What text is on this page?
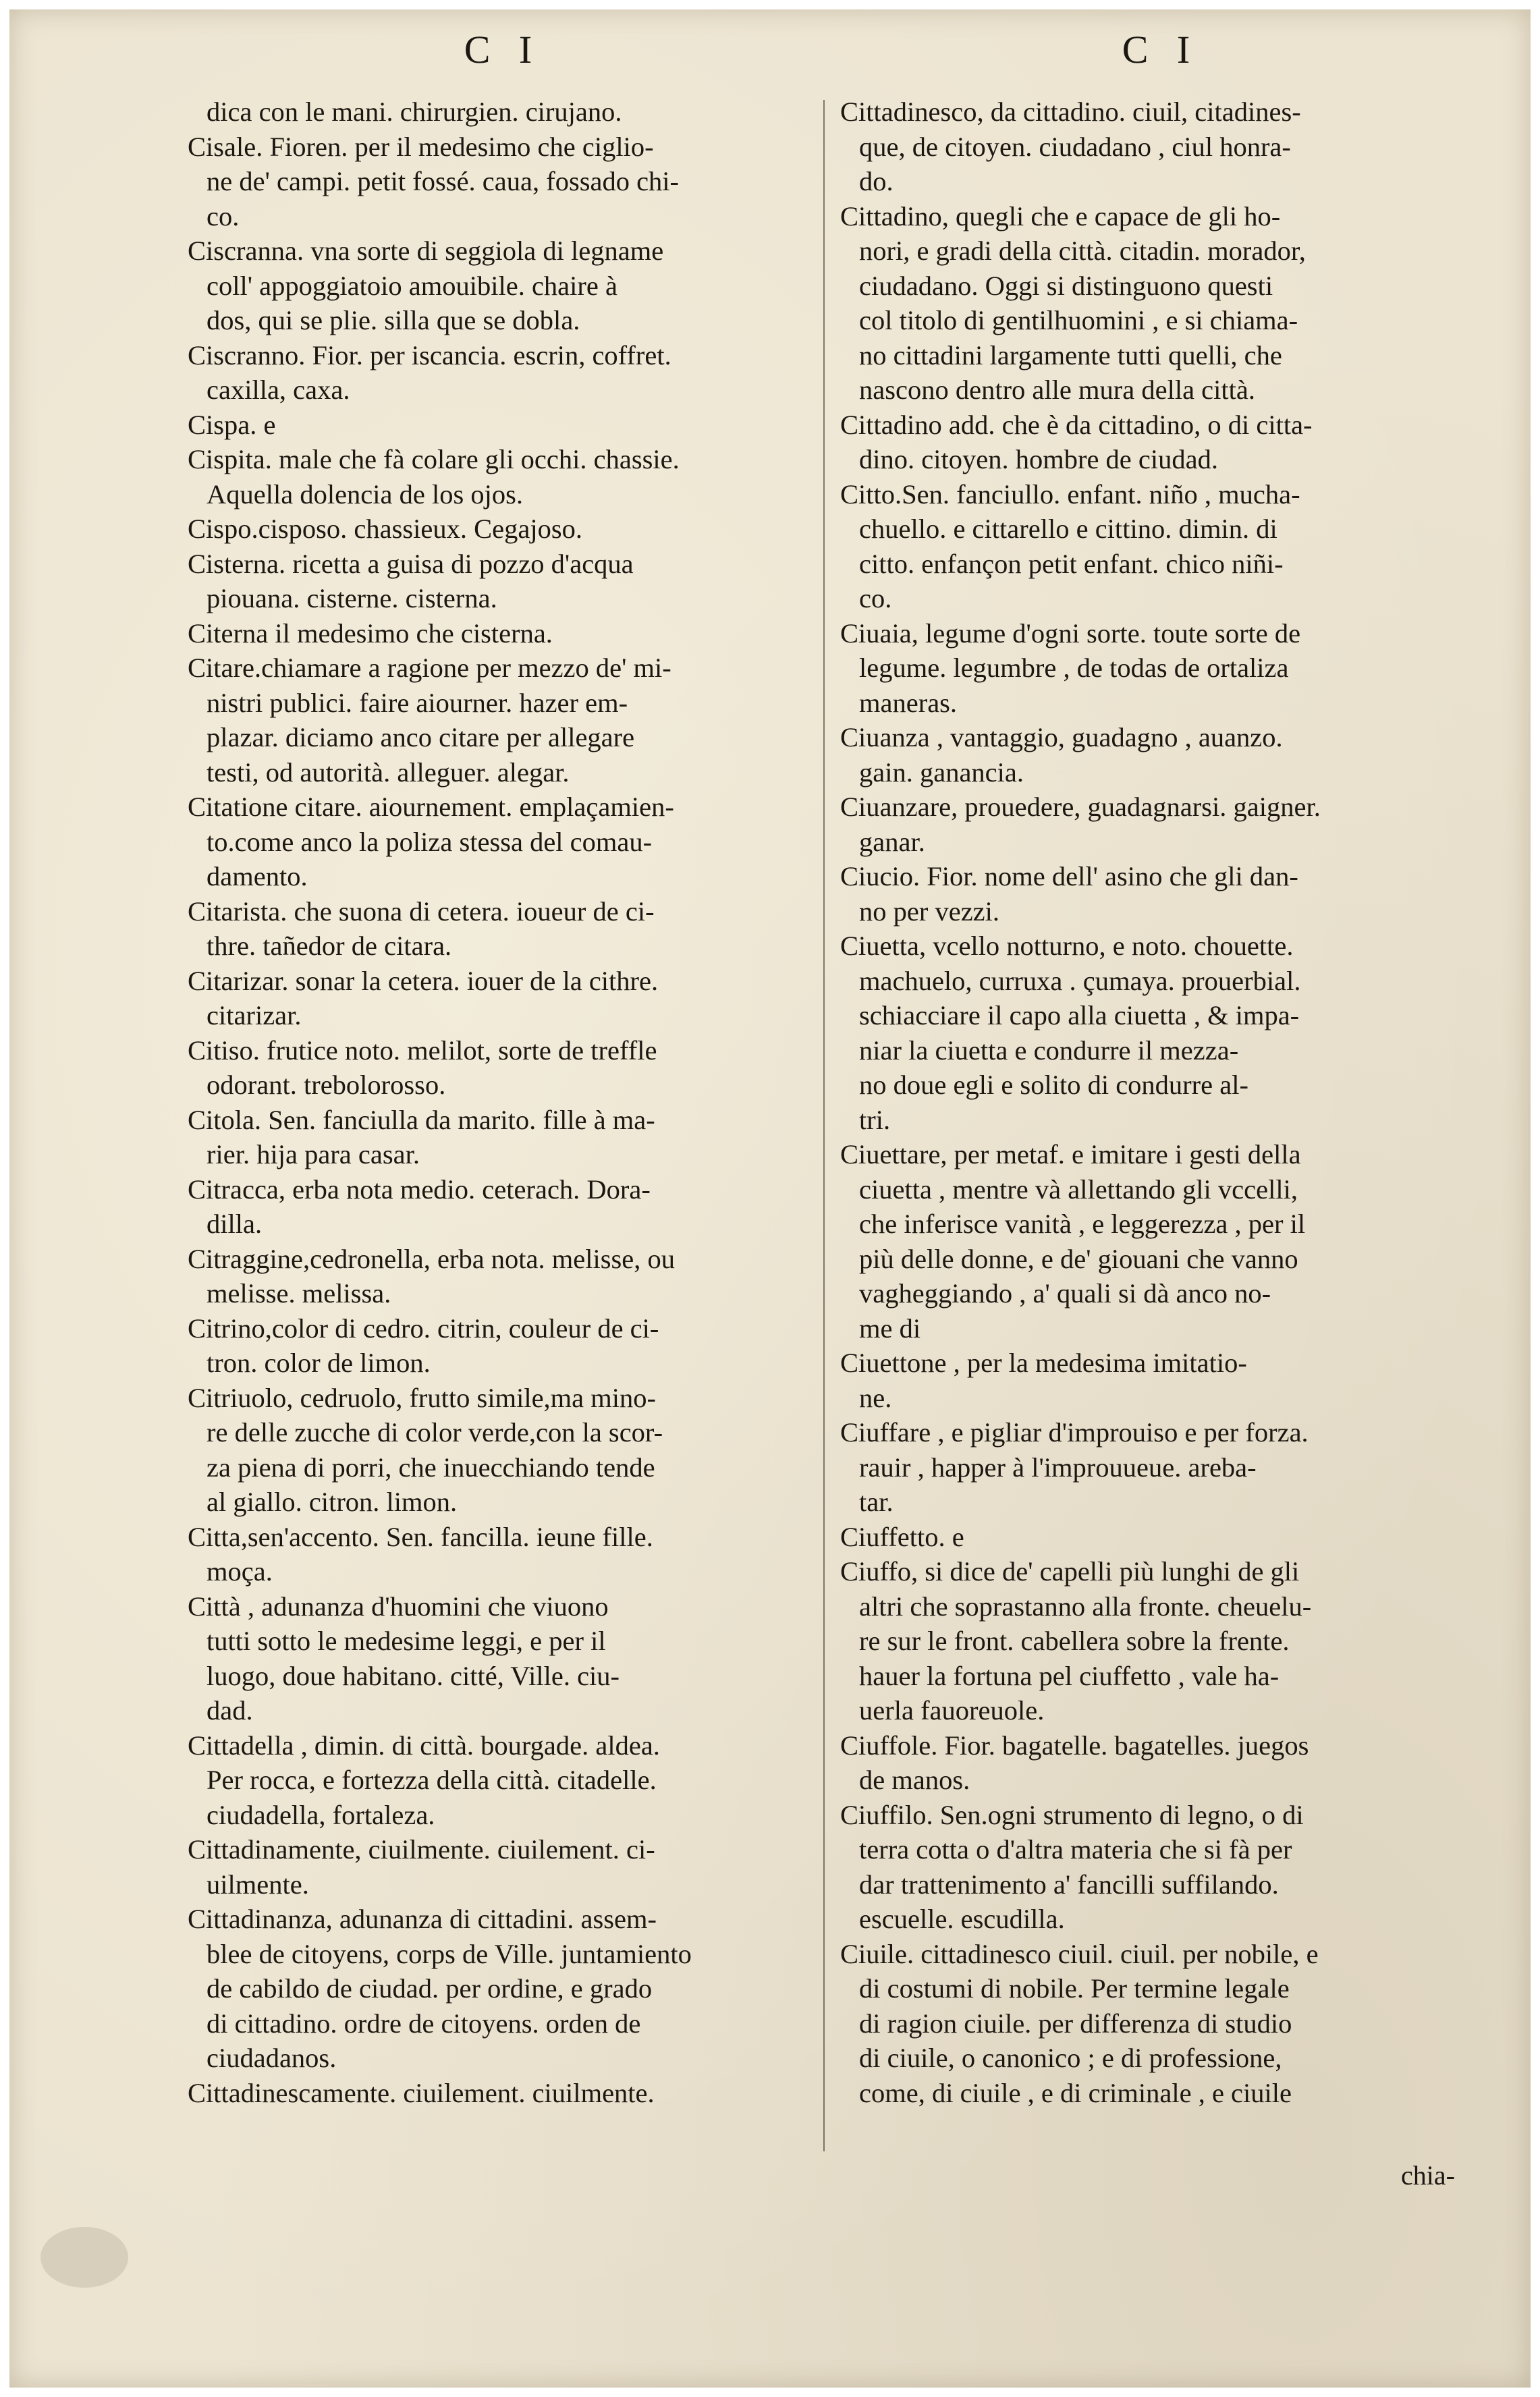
C I	C I
dica con le mani. chirurgien. cirujano.
Cisale. Fioren. per il medesimo che ciglio-
ne de' campi. petit fossé. caua, fossado chi-
co.
Ciscranna. vna sorte di seggiola di legname
coll' appoggiatoio amouibile. chaire à
dos, qui se plie. silla que se dobla.
Ciscranno. Fior. per iscancia. escrin, coffret.
caxilla, caxa.
Cispa. e
Cispita. male che fà colare gli occhi. chassie.
Aquella dolencia de los ojos.
Cispo.cisposo. chassieux. Cegajoso.
Cisterna. ricetta a guisa di pozzo d'acqua
piouana. cisterne. cisterna.
Citerna il medesimo che cisterna.
Citare.chiamare a ragione per mezzo de' mi-
nistri publici. faire aiourner. hazer em-
plazar. diciamo anco citare per allegare
testi, od autorità. alleguer. alegar.
Citatione citare. aiournement. emplaçamien-
to.come anco la poliza stessa del comau-
damento.
Citarista. che suona di cetera. ioueur de ci-
thre. tañedor de citara.
Citarizar. sonar la cetera. iouer de la cithre.
citarizar.
Citiso. frutice noto. melilot, sorte de treffle
odorant. trebolorosso.
Citola. Sen. fanciulla da marito. fille à ma-
rier. hija para casar.
Citracca, erba nota medio. ceterach. Dora-
dilla.
Citraggine,cedronella, erba nota. melisse, ou
melisse. melissa.
Citrino,color di cedro. citrin, couleur de ci-
tron. color de limon.
Citriuolo, cedruolo, frutto simile,ma mino-
re delle zucche di color verde,con la scor-
za piena di porri, che inuecchiando tende
al giallo. citron. limon.
Citta,sen'accento. Sen. fancilla. ieune fille.
moça.
Città , adunanza d'huomini che viuono
tutti sotto le medesime leggi, e per il
luogo, doue habitano. citté, Ville. ciu-
dad.
Cittadella , dimin. di città. bourgade. aldea.
Per rocca, e fortezza della città. citadelle.
ciudadella, fortaleza.
Cittadinamente, ciuilmente. ciuilement. ci-
uilmente.
Cittadinanza, adunanza di cittadini. assem-
blee de citoyens, corps de Ville. juntamiento
de cabildo de ciudad. per ordine, e grado
di cittadino. ordre de citoyens. orden de
ciudadanos.
Cittadinescamente. ciuilement. ciuilmente.
Cittadinesco, da cittadino. ciuil, citadines-
que, de citoyen. ciudadano , ciul honra-
do.
Cittadino, quegli che e capace de gli ho-
nori, e gradi della città. citadin. morador,
ciudadano. Oggi si distinguono questi
col titolo di gentilhuomini , e si chiama-
no cittadini largamente tutti quelli, che
nascono dentro alle mura della città.
Cittadino add. che è da cittadino, o di citta-
dino. citoyen. hombre de ciudad.
Citto.Sen. fanciullo. enfant. niño , mucha-
chuello. e cittarello e cittino. dimin. di
citto. enfançon petit enfant. chico niñi-
co.
Ciuaia, legume d'ogni sorte. toute sorte de
legume. legumbre , de todas de ortaliza
maneras.
Ciuanza , vantaggio, guadagno , auanzo.
gain. ganancia.
Ciuanzare, prouedere, guadagnarsi. gaigner.
ganar.
Ciucio. Fior. nome dell' asino che gli dan-
no per vezzi.
Ciuetta, vcello notturno, e noto. chouette.
machuelo, curruxa . çumaya. prouerbial.
schiacciare il capo alla ciuetta , & impa-
niar la ciuetta e condurre il mezza-
no doue egli e solito di condurre al-
tri.
Ciuettare, per metaf. e imitare i gesti della
ciuetta , mentre và allettando gli vccelli,
che inferisce vanità , e leggerezza , per il
più delle donne, e de' giouani che vanno
vagheggiando , a' quali si dà anco no-
me di
Ciuettone , per la medesima imitatio-
ne.
Ciuffare , e pigliar d'improuiso e per forza.
rauir , happer à l'improuueue. areba-
tar.
Ciuffetto. e
Ciuffo, si dice de' capelli più lunghi de gli
altri che soprastanno alla fronte. cheuelu-
re sur le front. cabellera sobre la frente.
hauer la fortuna pel ciuffetto , vale ha-
uerla fauoreuole.
Ciuffole. Fior. bagatelle. bagatelles. juegos
de manos.
Ciuffilo. Sen.ogni strumento di legno, o di
terra cotta o d'altra materia che si fà per
dar trattenimento a' fancilli suffilando.
escuelle. escudilla.
Ciuile. cittadinesco ciuil. ciuil. per nobile, e
di costumi di nobile. Per termine legale
di ragion ciuile. per differenza di studio
di ciuile, o canonico ; e di professione,
come, di ciuile , e di criminale , e ciuile
chia-
